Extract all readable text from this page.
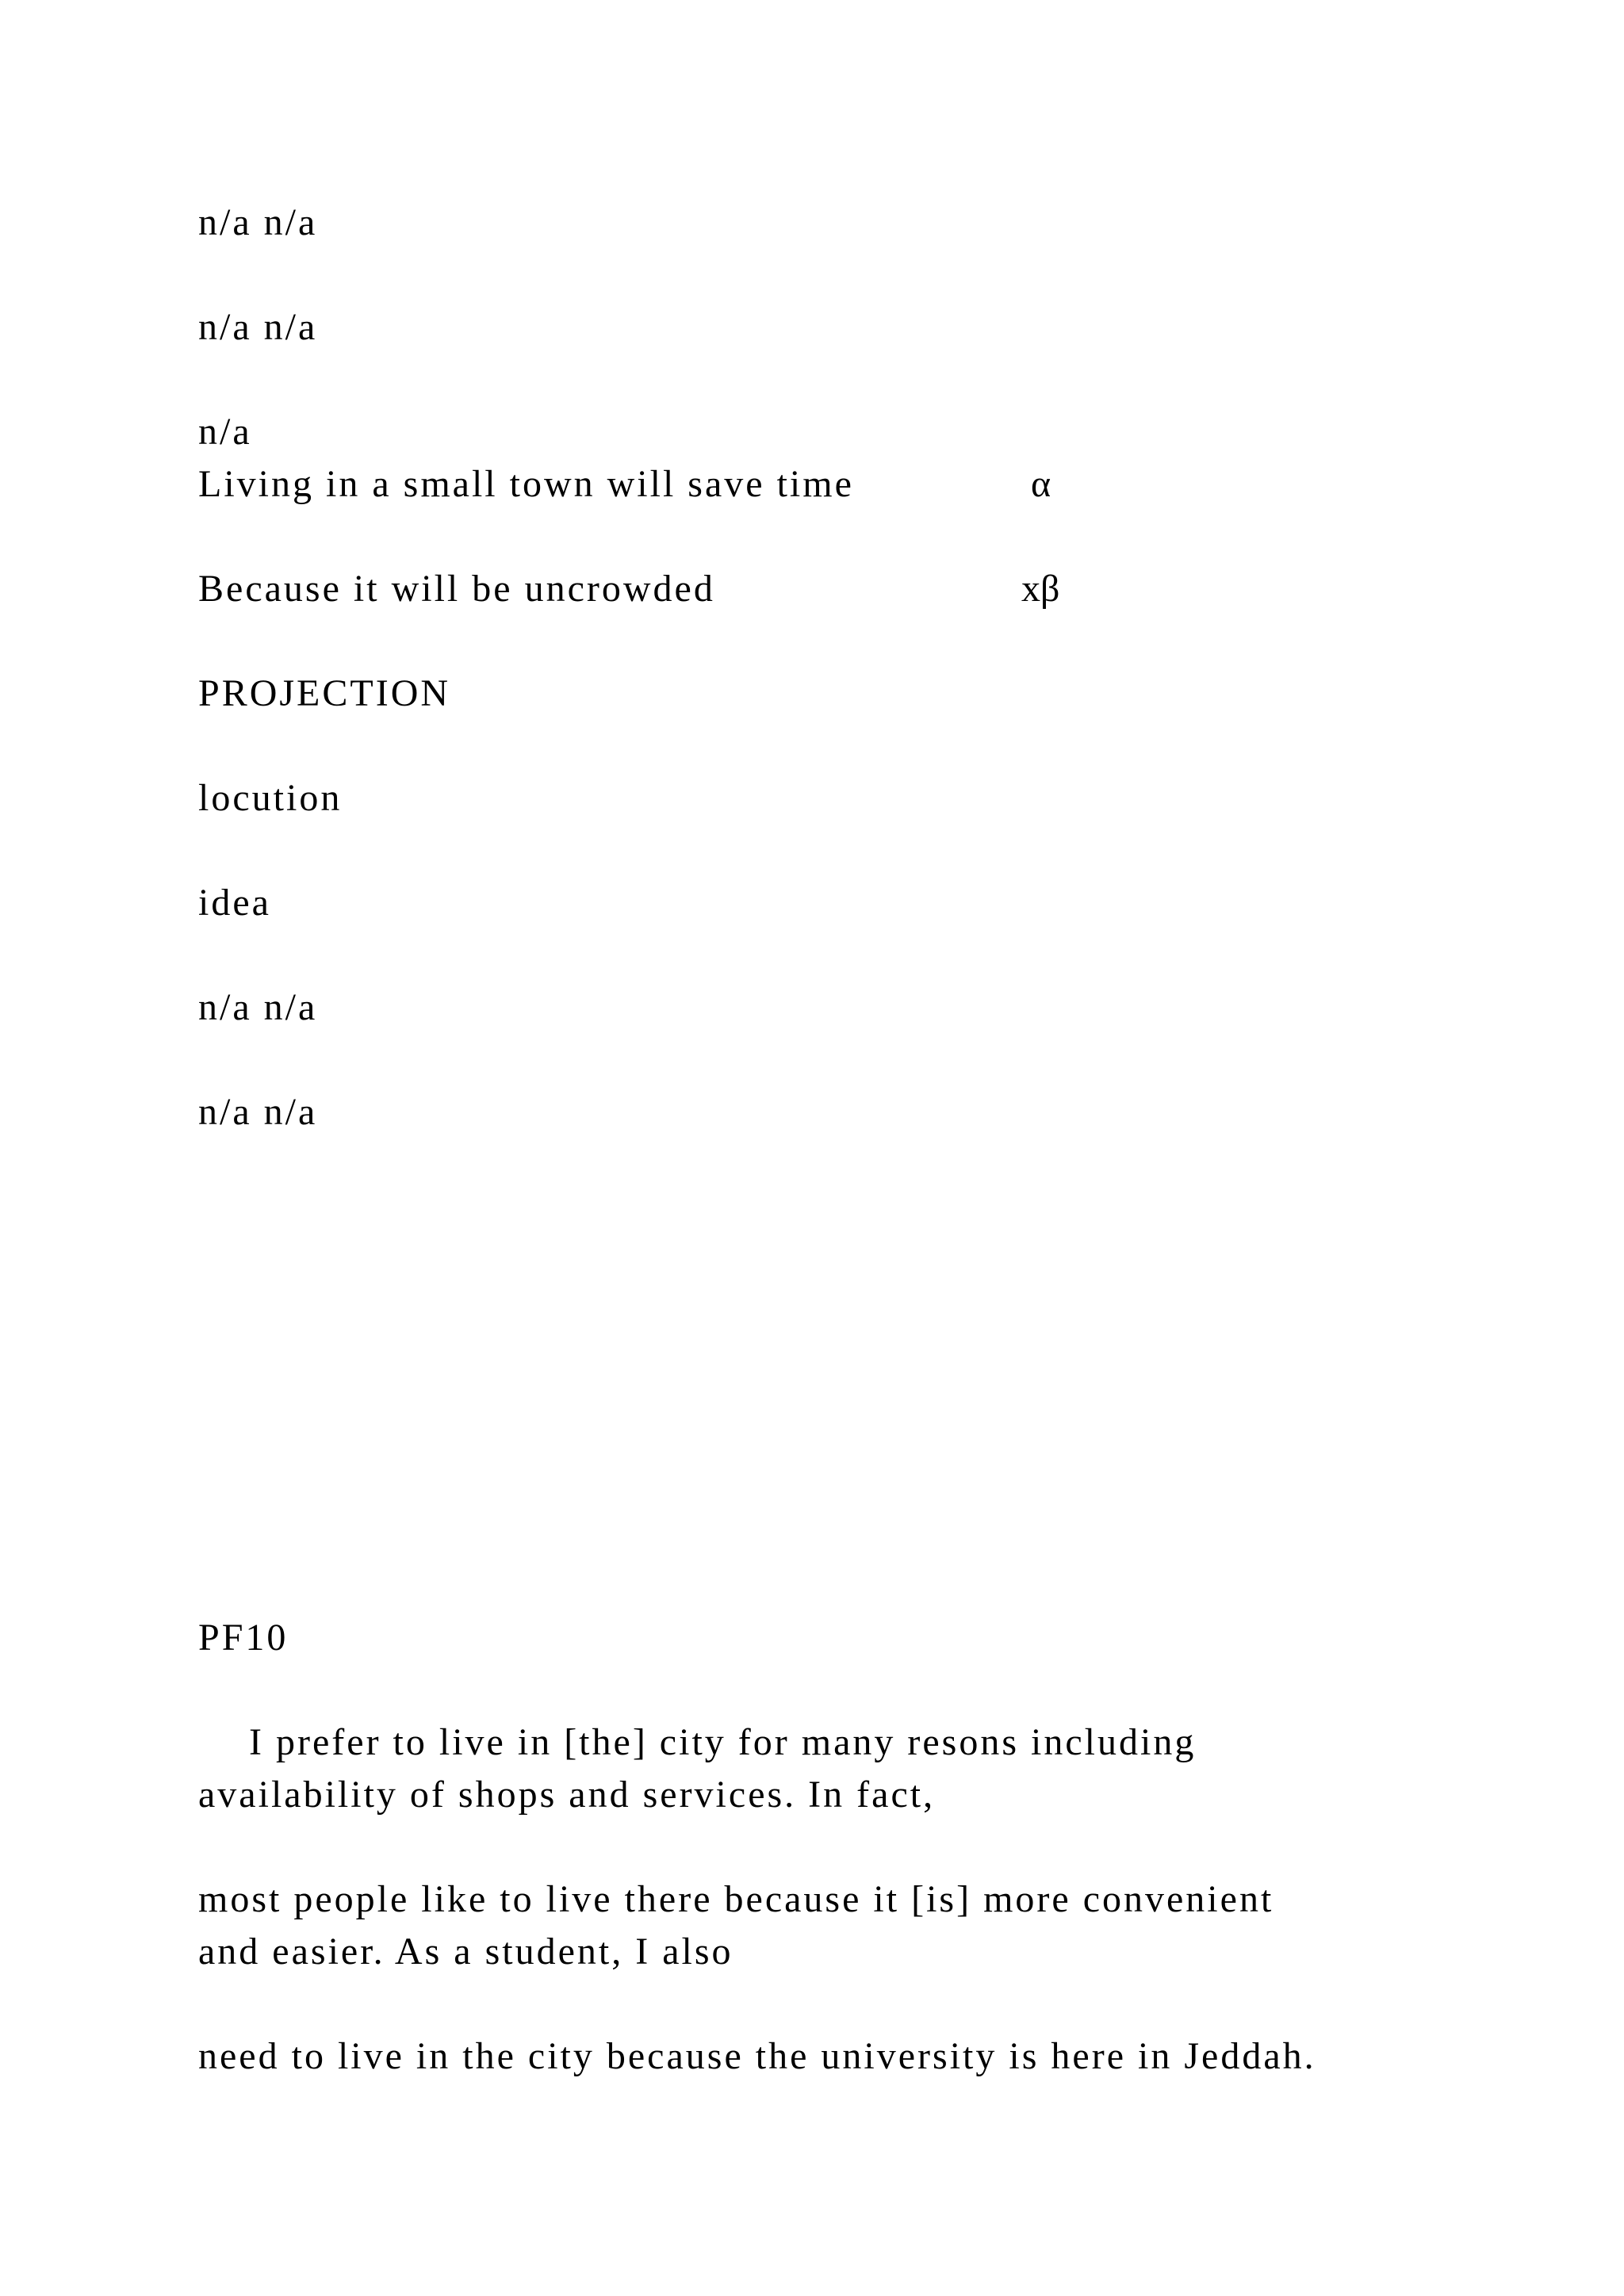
n/a n/a

n/a n/a

n/a

Living in a small town will save time	α

Because it will be uncrowded	xβ

PROJECTION

locution

idea

n/a n/a

n/a n/a

PF10

I prefer to live in [the] city for many resons including

availability of shops and services. In fact,

most people like to live there because it [is] more convenient

and easier. As a student, I also

need to live in the city because the university is here in Jeddah.
